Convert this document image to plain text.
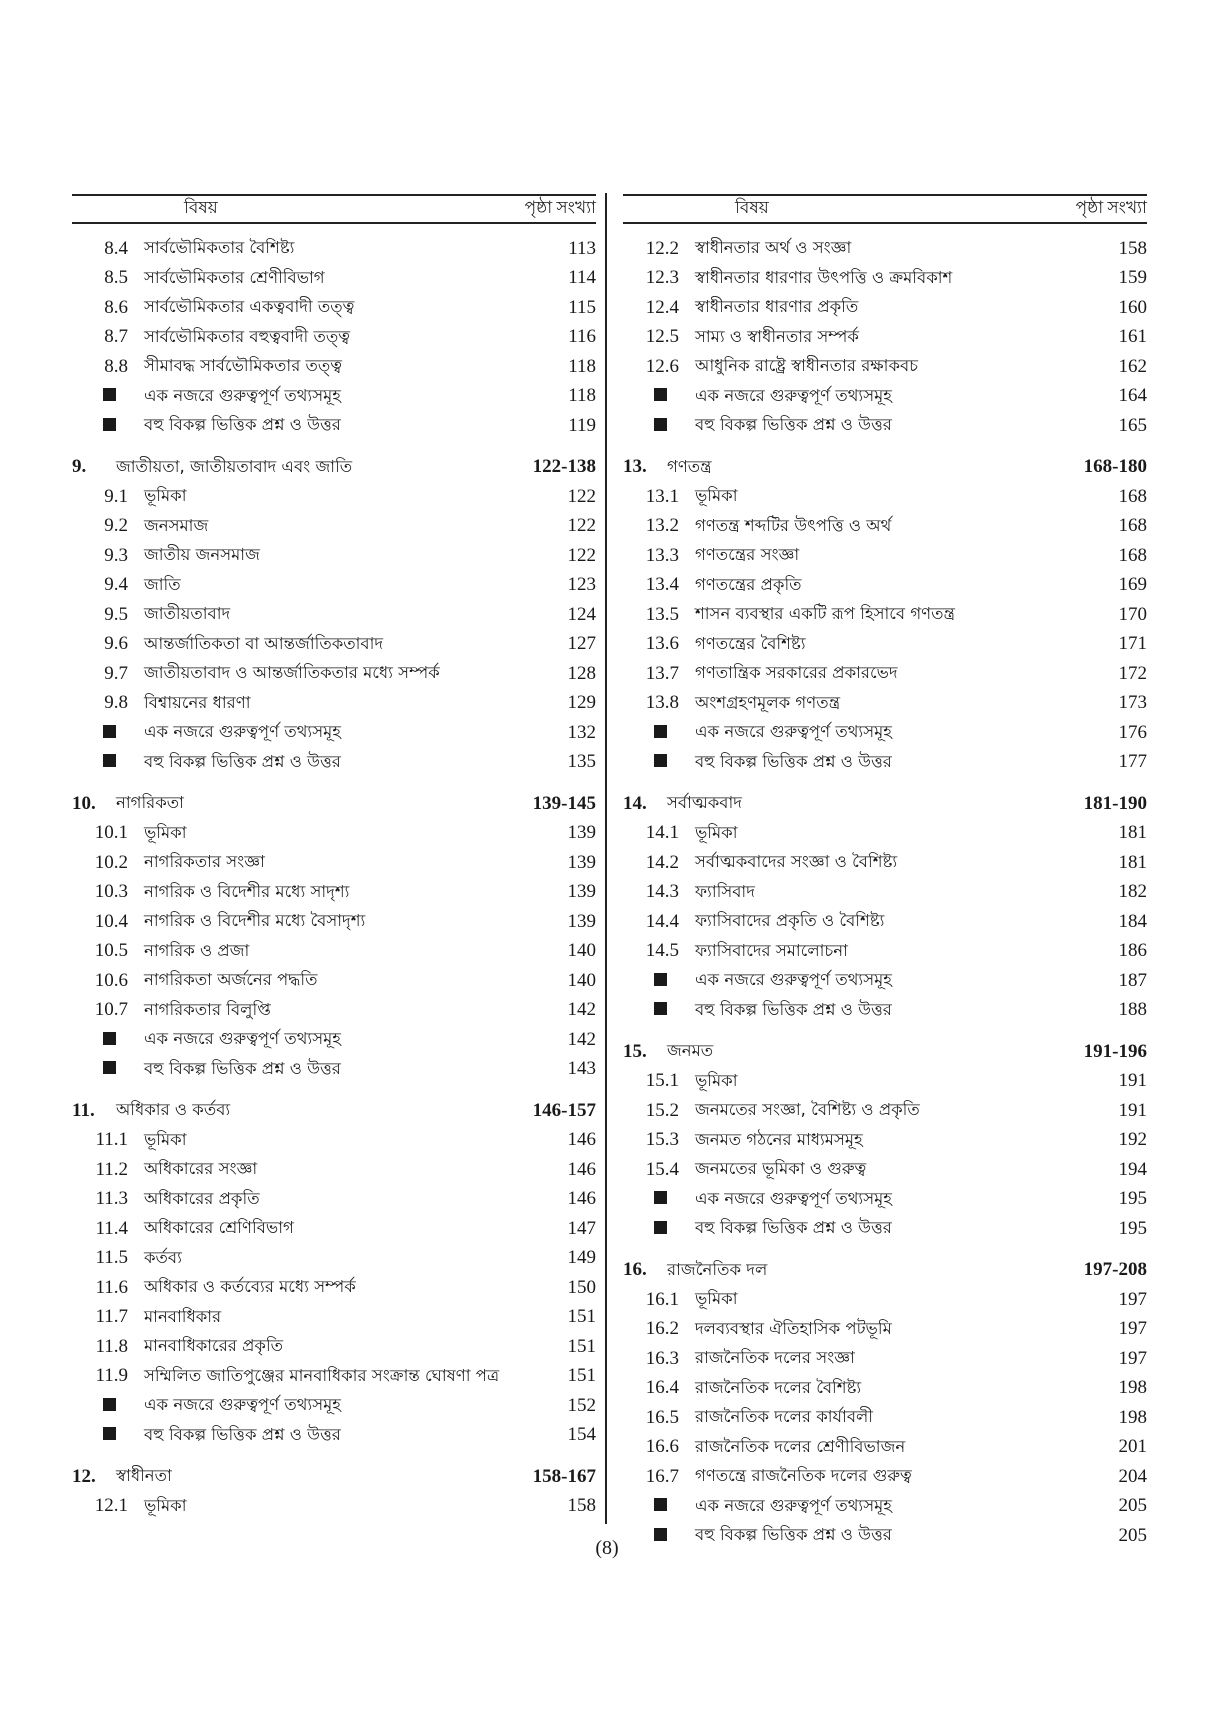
বিষয়	পৃষ্ঠা সংখ্যা
8.4 সার্বভৌমিকতার বৈশিষ্ট্য	113
8.5 সার্বভৌমিকতার শ্রেণীবিভাগ	114
8.6 সার্বভৌমিকতার একত্ববাদী তত্ত্ব	115
8.7 সার্বভৌমিকতার বহুত্ববাদী তত্ত্ব	116
8.8 সীমাবদ্ধ সার্বভৌমিকতার তত্ত্ব	118
এক নজরে গুরুত্বপূর্ণ তথ্যসমূহ	118
বহু বিকল্প ভিত্তিক প্রশ্ন ও উত্তর	119
9.	জাতীয়তা, জাতীয়তাবাদ এবং জাতি	122-138
9.1 ভূমিকা	122
9.2 জনসমাজ	122
9.3 জাতীয় জনসমাজ	122
9.4 জাতি	123
9.5 জাতীয়তাবাদ	124
9.6 আন্তর্জাতিকতা বা আন্তর্জাতিকতাবাদ	127
9.7 জাতীয়তাবাদ ও আন্তর্জাতিকতার মধ্যে সম্পর্ক	128
9.8 বিশ্বায়নের ধারণা	129
এক নজরে গুরুত্বপূর্ণ তথ্যসমূহ	132
বহু বিকল্প ভিত্তিক প্রশ্ন ও উত্তর	135
10.	নাগরিকতা	139-145
10.1 ভূমিকা	139
10.2 নাগরিকতার সংজ্ঞা	139
10.3 নাগরিক ও বিদেশীর মধ্যে সাদৃশ্য	139
10.4 নাগরিক ও বিদেশীর মধ্যে বৈসাদৃশ্য	139
10.5 নাগরিক ও প্রজা	140
10.6 নাগরিকতা অর্জনের পদ্ধতি	140
10.7 নাগরিকতার বিলুপ্তি	142
এক নজরে গুরুত্বপূর্ণ তথ্যসমূহ	142
বহু বিকল্প ভিত্তিক প্রশ্ন ও উত্তর	143
11.	অধিকার ও কর্তব্য	146-157
11.1 ভূমিকা	146
11.2 অধিকারের সংজ্ঞা	146
11.3 অধিকারের প্রকৃতি	146
11.4 অধিকারের শ্রেণিবিভাগ	147
11.5 কর্তব্য	149
11.6 অধিকার ও কর্তব্যের মধ্যে সম্পর্ক	150
11.7 মানবাধিকার	151
11.8 মানবাধিকারের প্রকৃতি	151
11.9 সম্মিলিত জাতিপুঞ্জের মানবাধিকার সংক্রান্ত ঘোষণা পত্র	151
এক নজরে গুরুত্বপূর্ণ তথ্যসমূহ	152
বহু বিকল্প ভিত্তিক প্রশ্ন ও উত্তর	154
12.	স্বাধীনতা	158-167
12.1 ভূমিকা	158
বিষয়	পৃষ্ঠা সংখ্যা
12.2 স্বাধীনতার অর্থ ও সংজ্ঞা	158
12.3 স্বাধীনতার ধারণার উৎপত্তি ও ক্রমবিকাশ	159
12.4 স্বাধীনতার ধারণার প্রকৃতি	160
12.5 সাম্য ও স্বাধীনতার সম্পর্ক	161
12.6 আধুনিক রাষ্ট্রে স্বাধীনতার রক্ষাকবচ	162
এক নজরে গুরুত্বপূর্ণ তথ্যসমূহ	164
বহু বিকল্প ভিত্তিক প্রশ্ন ও উত্তর	165
13.	গণতন্ত্র	168-180
13.1 ভূমিকা	168
13.2 গণতন্ত্র শব্দটির উৎপত্তি ও অর্থ	168
13.3 গণতন্ত্রের সংজ্ঞা	168
13.4 গণতন্ত্রের প্রকৃতি	169
13.5 শাসন ব্যবস্থার একটি রূপ হিসাবে গণতন্ত্র	170
13.6 গণতন্ত্রের বৈশিষ্ট্য	171
13.7 গণতান্ত্রিক সরকারের প্রকারভেদ	172
13.8 অংশগ্রহণমূলক গণতন্ত্র	173
এক নজরে গুরুত্বপূর্ণ তথ্যসমূহ	176
বহু বিকল্প ভিত্তিক প্রশ্ন ও উত্তর	177
14.	সর্বাত্মকবাদ	181-190
14.1 ভূমিকা	181
14.2 সর্বাত্মকবাদের সংজ্ঞা ও বৈশিষ্ট্য	181
14.3 ফ্যাসিবাদ	182
14.4 ফ্যাসিবাদের প্রকৃতি ও বৈশিষ্ট্য	184
14.5 ফ্যাসিবাদের সমালোচনা	186
এক নজরে গুরুত্বপূর্ণ তথ্যসমূহ	187
বহু বিকল্প ভিত্তিক প্রশ্ন ও উত্তর	188
15.	জনমত	191-196
15.1 ভূমিকা	191
15.2 জনমতের সংজ্ঞা, বৈশিষ্ট্য ও প্রকৃতি	191
15.3 জনমত গঠনের মাধ্যমসমূহ	192
15.4 জনমতের ভূমিকা ও গুরুত্ব	194
এক নজরে গুরুত্বপূর্ণ তথ্যসমূহ	195
বহু বিকল্প ভিত্তিক প্রশ্ন ও উত্তর	195
16.	রাজনৈতিক দল	197-208
16.1 ভূমিকা	197
16.2 দলব্যবস্থার ঐতিহাসিক পটভূমি	197
16.3 রাজনৈতিক দলের সংজ্ঞা	197
16.4 রাজনৈতিক দলের বৈশিষ্ট্য	198
16.5 রাজনৈতিক দলের কার্যাবলী	198
16.6 রাজনৈতিক দলের শ্রেণীবিভাজন	201
16.7 গণতন্ত্রে রাজনৈতিক দলের গুরুত্ব	204
এক নজরে গুরুত্বপূর্ণ তথ্যসমূহ	205
বহু বিকল্প ভিত্তিক প্রশ্ন ও উত্তর	205
(8)
